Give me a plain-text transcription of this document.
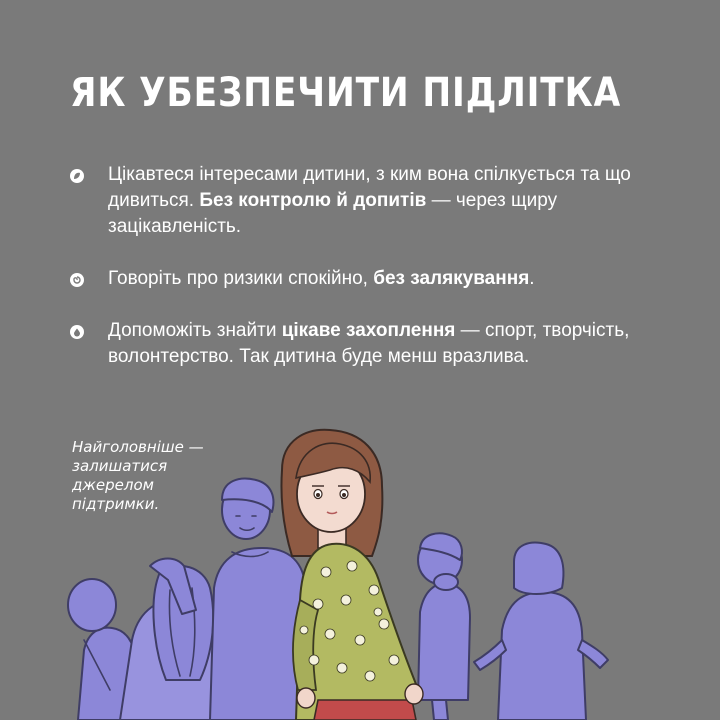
ЯК УБЕЗПЕЧИТИ ПІДЛІТКА
Цікавтеся інтересами дитини, з ким вона спілкується та що дивиться. Без контролю й допитів — через щиру зацікавленість.
Говоріть про ризики спокійно, без залякування.
Допоможіть знайти цікаве захоплення — спорт, творчість, волонтерство. Так дитина буде менш вразлива.
Найголовніше — залишатися джерелом підтримки.
